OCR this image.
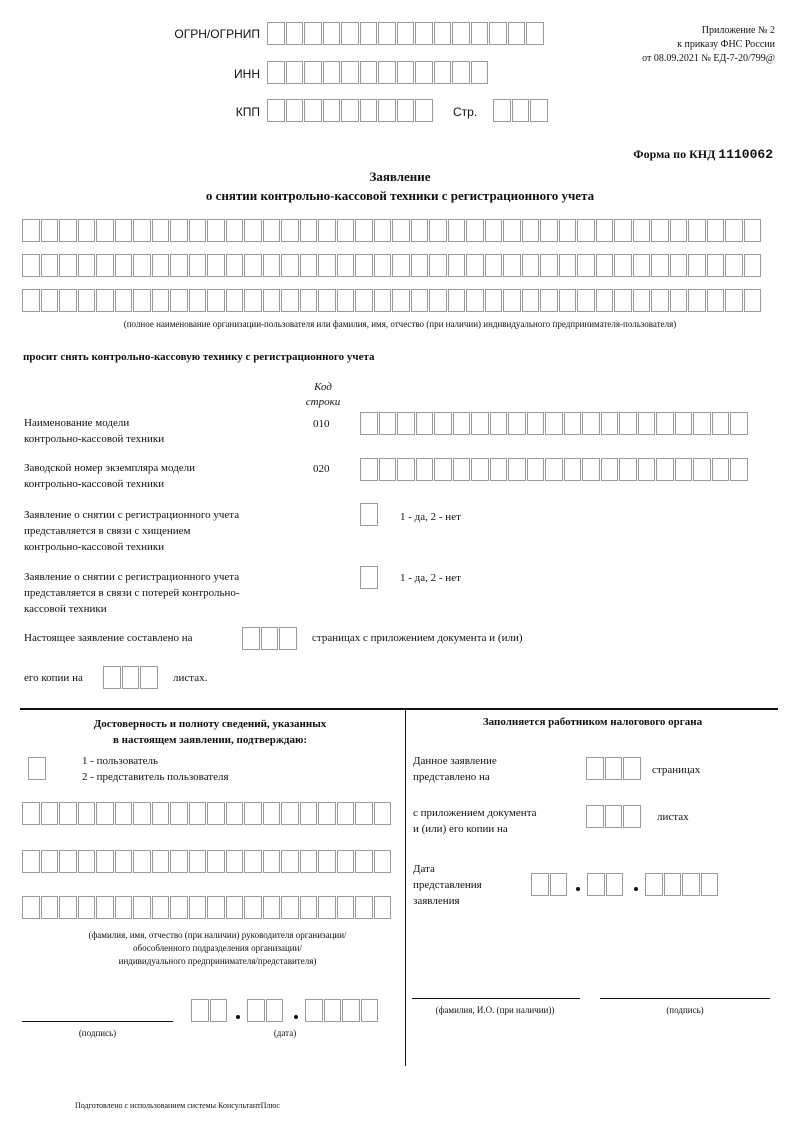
ОГРН/ОГРНИП
ИНН
КПП	Стр.
Приложение № 2
к приказу ФНС России
от 08.09.2021 № ЕД-7-20/799@
Форма по КНД 1110062
Заявление
о снятии контрольно-кассовой техники с регистрационного учета
(полное наименование организации-пользователя или фамилия, имя, отчество (при наличии) индивидуального предпринимателя-пользователя)
просит снять контрольно-кассовую технику с регистрационного учета
Код
строки
Наименование модели
контрольно-кассовой техники
010
Заводской номер экземпляра модели
контрольно-кассовой техники
020
Заявление о снятии с регистрационного учета
представляется в связи с хищением
контрольно-кассовой техники
1 - да, 2 - нет
Заявление о снятии с регистрационного учета
представляется в связи с потерей контрольно-
кассовой техники
1 - да, 2 - нет
Настоящее заявление составлено на	страницах с приложением документа и (или)
его копии на	листах.
Достоверность и полноту сведений, указанных
в настоящем заявлении, подтверждаю:
1 - пользователь
2 - представитель пользователя
(фамилия, имя, отчество (при наличии) руководителя организации/
обособленного подразделения организации/
индивидуального предпринимателя/представителя)
(подпись)	(дата)
Заполняется работником налогового органа
Данное заявление
представлено на
страницах
с приложением документа
и (или) его копии на
листах
Дата
представления
заявления
(фамилия, И.О. (при наличии))	(подпись)
Подготовлено с использованием системы КонсультантПлюс
